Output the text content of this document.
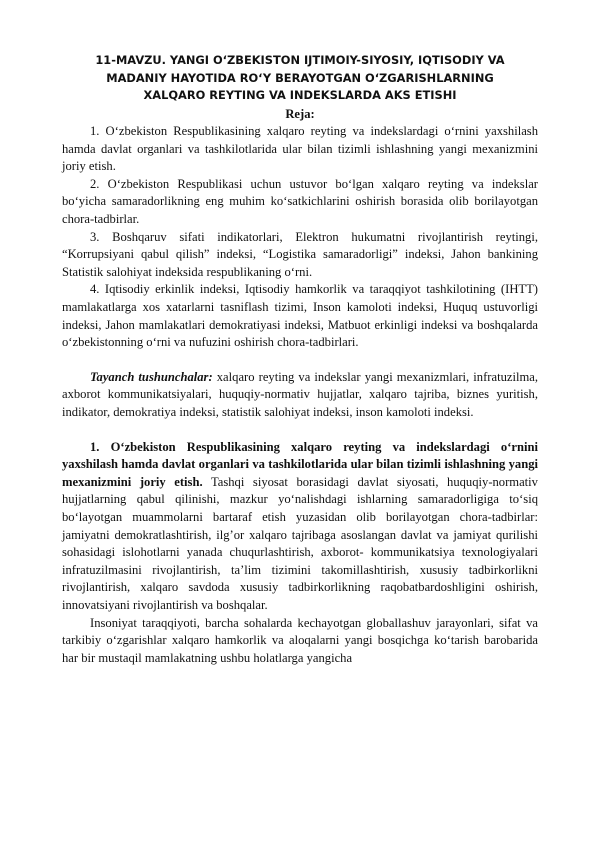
11-MAVZU. YANGI O‘ZBEKISTON IJTIMOIY-SIYOSIY, IQTISODIY VA
MADANIY HAYOTIDA RO‘Y BERAYOTGAN O‘ZGARISHLARNING
XALQARO REYTING VA INDEKSLARDA AKS ETISHI
Reja:

1. O‘zbekiston Respublikasining xalqaro reyting va indekslardagi o‘rnini yaxshilash hamda davlat organlari va tashkilotlarida ular bilan tizimli ishlashning yangi mexanizmini joriy etish.

2. O‘zbekiston Respublikasi uchun ustuvor bo‘lgan xalqaro reyting va indekslar bo‘yicha samaradorlikning eng muhim ko‘satkichlarini oshirish borasida olib borilayotgan chora-tadbirlar.

3. Boshqaruv sifati indikatorlari, Elektron hukumatni rivojlantirish reytingi, “Korrupsiyani qabul qilish” indeksi, “Logistika samaradorligi” indeksi, Jahon bankining Statistik salohiyat indeksida respublikaning o‘rni.

4. Iqtisodiy erkinlik indeksi, Iqtisodiy hamkorlik va taraqqiyot tashkilotining (IHTT) mamlakatlarga xos xatarlarni tasniflash tizimi, Inson kamoloti indeksi, Huquq ustuvorligi indeksi, Jahon mamlakatlari demokratiyasi indeksi, Matbuot erkinligi indeksi va boshqalarda o‘zbekistonning o‘rni va nufuzini oshirish chora-tadbirlari.

Tayanch tushunchalar: xalqaro reyting va indekslar yangi mexanizmlari, infratuzilma, axborot kommunikatsiyalari, huquqiy-normativ hujjatlar, xalqaro tajriba, biznes yuritish, indikator, demokratiya indeksi, statistik salohiyat indeksi, inson kamoloti indeksi.

1. O‘zbekiston Respublikasining xalqaro reyting va indekslardagi o‘rnini yaxshilash hamda davlat organlari va tashkilotlarida ular bilan tizimli ishlashning yangi mexanizmini joriy etish. Tashqi siyosat borasidagi davlat siyosati, huquqiy-normativ hujjatlarning qabul qilinishi, mazkur yo‘nalishdagi ishlarning samaradorligiga to‘siq bo‘layotgan muammolarni bartaraf etish yuzasidan olib borilayotgan chora-tadbirlar: jamiyatni demokratlashtirish, ilg’or xalqaro tajribaga asoslangan davlat va jamiyat qurilishi sohasidagi islohotlarni yanada chuqurlashtirish, axborot- kommunikatsiya texnologiyalari infratuzilmasini rivojlantirish, ta’lim tizimini takomillashtirish, xususiy tadbirkorlikni rivojlantirish, xalqaro savdoda xususiy tadbirkorlikning raqobatbardoshligini oshirish, innovatsiyani rivojlantirish va boshqalar.

Insoniyat taraqqiyoti, barcha sohalarda kechayotgan globallashuv jarayonlari, sifat va tarkibiy o‘zgarishlar xalqaro hamkorlik va aloqalarni yangi bosqichga ko‘tarish barobarida har bir mustaqil mamlakatning ushbu holatlarga yangicha
